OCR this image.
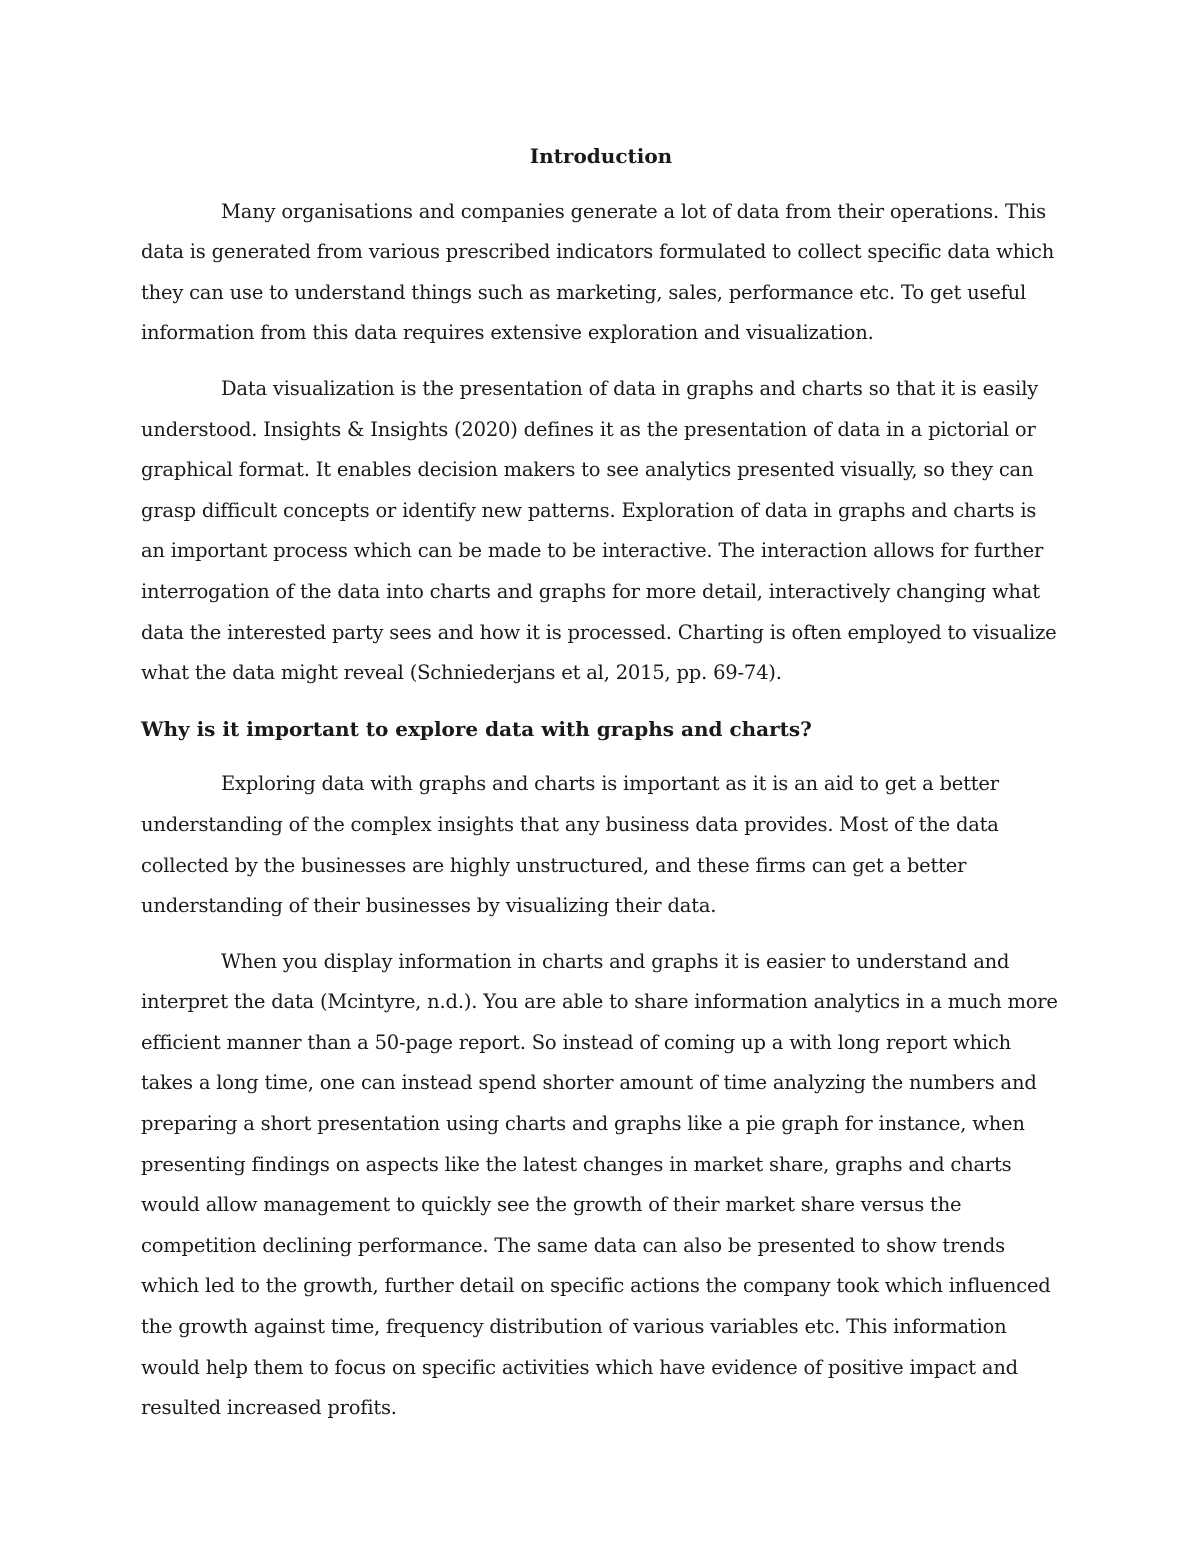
Introduction

Many organisations and companies generate a lot of data from their operations. This data is generated from various prescribed indicators formulated to collect specific data which they can use to understand things such as marketing, sales, performance etc. To get useful information from this data requires extensive exploration and visualization.

Data visualization is the presentation of data in graphs and charts so that it is easily understood. Insights & Insights (2020) defines it as the presentation of data in a pictorial or graphical format. It enables decision makers to see analytics presented visually, so they can grasp difficult concepts or identify new patterns. Exploration of data in graphs and charts is an important process which can be made to be interactive. The interaction allows for further interrogation of the data into charts and graphs for more detail, interactively changing what data the interested party sees and how it is processed. Charting is often employed to visualize what the data might reveal (Schniederjans et al, 2015, pp. 69-74).

Why is it important to explore data with graphs and charts?

Exploring data with graphs and charts is important as it is an aid to get a better understanding of the complex insights that any business data provides. Most of the data collected by the businesses are highly unstructured, and these firms can get a better understanding of their businesses by visualizing their data.

When you display information in charts and graphs it is easier to understand and interpret the data (Mcintyre, n.d.). You are able to share information analytics in a much more efficient manner than a 50-page report. So instead of coming up a with long report which takes a long time, one can instead spend shorter amount of time analyzing the numbers and preparing a short presentation using charts and graphs like a pie graph for instance, when presenting findings on aspects like the latest changes in market share, graphs and charts would allow management to quickly see the growth of their market share versus the competition declining performance. The same data can also be presented to show trends which led to the growth, further detail on specific actions the company took which influenced the growth against time, frequency distribution of various variables etc. This information would help them to focus on specific activities which have evidence of positive impact and resulted increased profits.
